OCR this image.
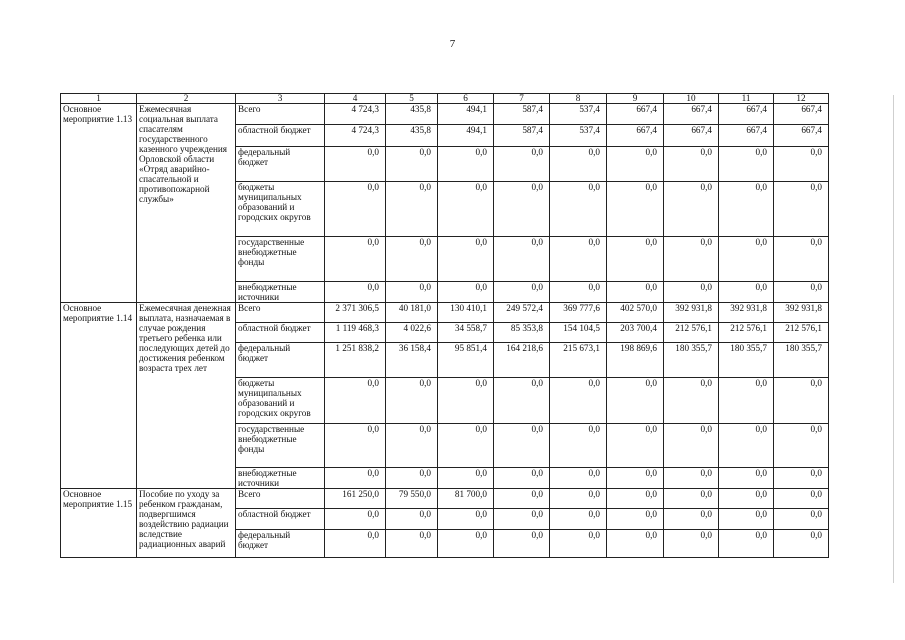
7
1	2	3	4	5	6	7	8	9	10	11	12
Основное мероприятие 1.13	Ежемесячная социальная выплата спасателям государственного казенного учреждения Орловской области «Отряд аварийно-спасательной и противопожарной службы»	Всего	4 724,3	435,8	494,1	587,4	537,4	667,4	667,4	667,4	667,4
		областной бюджет	4 724,3	435,8	494,1	587,4	537,4	667,4	667,4	667,4	667,4
		федеральный бюджет	0,0	0,0	0,0	0,0	0,0	0,0	0,0	0,0	0,0
		бюджеты муниципальных образований и городских округов	0,0	0,0	0,0	0,0	0,0	0,0	0,0	0,0	0,0
		государственные внебюджетные фонды	0,0	0,0	0,0	0,0	0,0	0,0	0,0	0,0	0,0
		внебюджетные источники	0,0	0,0	0,0	0,0	0,0	0,0	0,0	0,0	0,0
Основное мероприятие 1.14	Ежемесячная денежная выплата, назначаемая в случае рождения третьего ребенка или последующих детей до достижения ребенком возраста трех лет	Всего	2 371 306,5	40 181,0	130 410,1	249 572,4	369 777,6	402 570,0	392 931,8	392 931,8	392 931,8
		областной бюджет	1 119 468,3	4 022,6	34 558,7	85 353,8	154 104,5	203 700,4	212 576,1	212 576,1	212 576,1
		федеральный бюджет	1 251 838,2	36 158,4	95 851,4	164 218,6	215 673,1	198 869,6	180 355,7	180 355,7	180 355,7
		бюджеты муниципальных образований и городских округов	0,0	0,0	0,0	0,0	0,0	0,0	0,0	0,0	0,0
		государственные внебюджетные фонды	0,0	0,0	0,0	0,0	0,0	0,0	0,0	0,0	0,0
		внебюджетные источники	0,0	0,0	0,0	0,0	0,0	0,0	0,0	0,0	0,0
Основное мероприятие 1.15	Пособие по уходу за ребенком гражданам, подвергшимся воздействию радиации вследствие радиационных аварий	Всего	161 250,0	79 550,0	81 700,0	0,0	0,0	0,0	0,0	0,0	0,0
		областной бюджет	0,0	0,0	0,0	0,0	0,0	0,0	0,0	0,0	0,0
		федеральный бюджет	0,0	0,0	0,0	0,0	0,0	0,0	0,0	0,0	0,0
